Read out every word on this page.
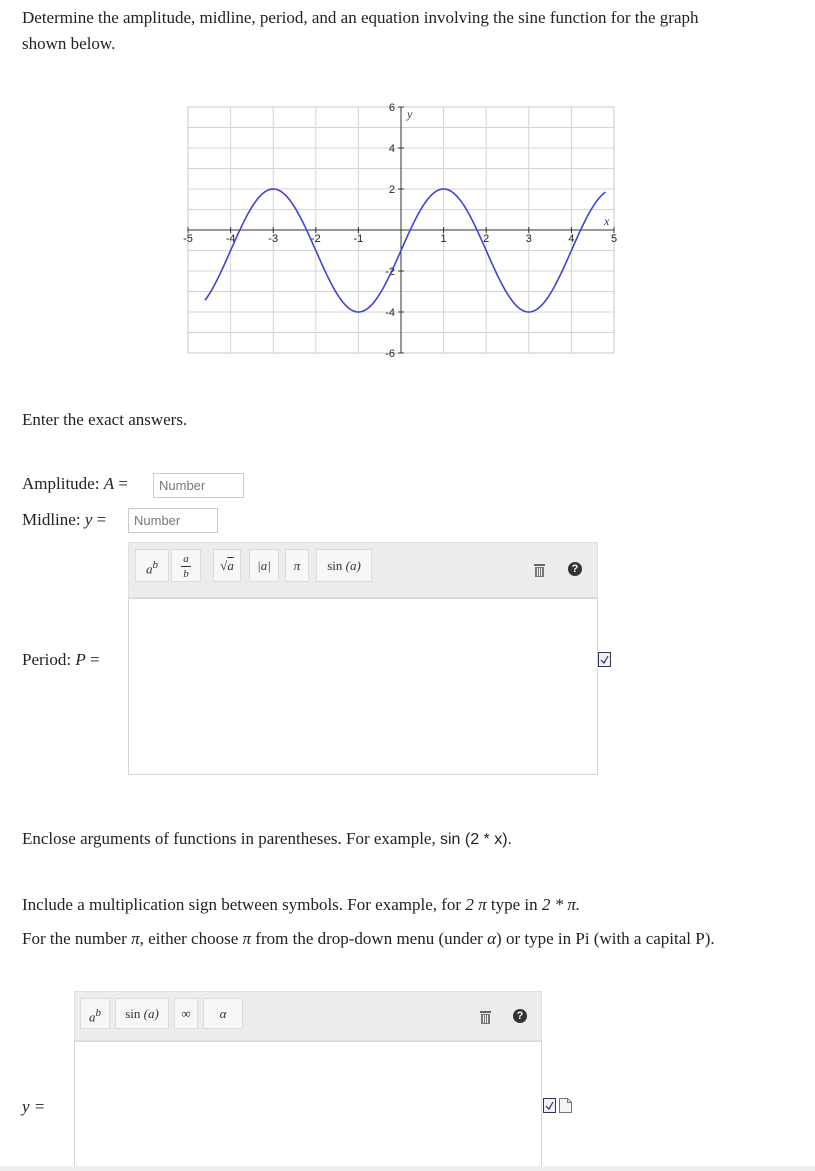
Determine the amplitude, midline, period, and an equation involving the sine function for the graph
shown below.
-5	-4	-3	-2	-1	1	2	3	4	5
6
4
2
-2
-4
-6
x
y
Enter the exact answers.
Amplitude: A =	Number
Midline: y =	Number
$a^b$	a
b
√a	|a|	π	sin (a)	?
Period: P =
Enclose arguments of functions in parentheses. For example, sin (2 * x).
Include a multiplication sign between symbols. For example, for 2 π type in 2 * π.
For the number π, either choose π from the drop-down menu (under α) or type in Pi (with a capital P).
$a^b$	sin (a)	∞	α	?
y =
